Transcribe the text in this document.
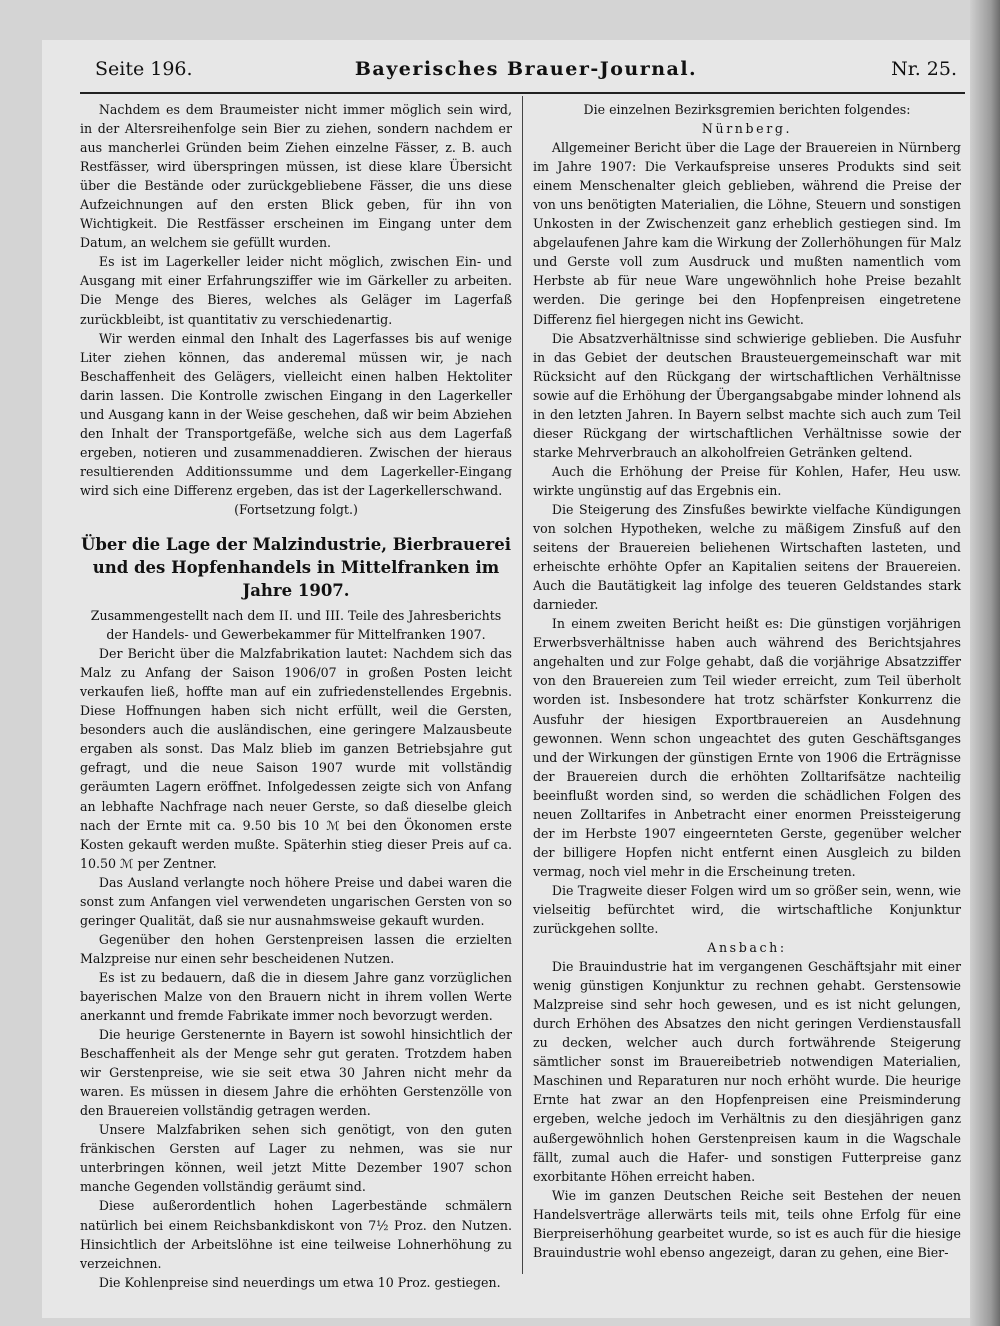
Seite 196.	Bayerisches Brauer-Journal.	Nr. 25.

Nachdem es dem Braumeister nicht immer möglich sein wird, in der Altersreihenfolge sein Bier zu ziehen, sondern nachdem er aus mancherlei Gründen beim Ziehen einzelne Fässer, z. B. auch Restfässer, wird überspringen müssen, ist diese klare Übersicht über die Bestände oder zurückgebliebene Fässer, die uns diese Aufzeichnungen auf den ersten Blick geben, für ihn von Wichtigkeit. Die Restfässer erscheinen im Eingang unter dem Datum, an welchem sie gefüllt wurden.

Es ist im Lagerkeller leider nicht möglich, zwischen Ein- und Ausgang mit einer Erfahrungsziffer wie im Gärkeller zu arbeiten. Die Menge des Bieres, welches als Geläger im Lagerfaß zurückbleibt, ist quantitativ zu verschiedenartig.

Wir werden einmal den Inhalt des Lagerfasses bis auf wenige Liter ziehen können, das anderemal müssen wir, je nach Beschaffenheit des Gelägers, vielleicht einen halben Hektoliter darin lassen. Die Kontrolle zwischen Eingang in den Lagerkeller und Ausgang kann in der Weise geschehen, daß wir beim Abziehen den Inhalt der Transportgefäße, welche sich aus dem Lagerfaß ergeben, notieren und zusammenaddieren. Zwischen der hieraus resultierenden Additionssumme und dem Lagerkeller-Eingang wird sich eine Differenz ergeben, das ist der Lagerkellerschwand.

(Fortsetzung folgt.)

Über die Lage der Malzindustrie, Bierbrauerei und des Hopfenhandels in Mittelfranken im Jahre 1907.

Zusammengestellt nach dem II. und III. Teile des Jahresberichts der Handels- und Gewerbekammer für Mittelfranken 1907.

Der Bericht über die Malzfabrikation lautet: Nachdem sich das Malz zu Anfang der Saison 1906/07 in großen Posten leicht verkaufen ließ, hoffte man auf ein zufriedenstellendes Ergebnis. Diese Hoffnungen haben sich nicht erfüllt, weil die Gersten, besonders auch die ausländischen, eine geringere Malzausbeute ergaben als sonst. Das Malz blieb im ganzen Betriebsjahre gut gefragt, und die neue Saison 1907 wurde mit vollständig geräumten Lagern eröffnet. Infolgedessen zeigte sich von Anfang an lebhafte Nachfrage nach neuer Gerste, so daß dieselbe gleich nach der Ernte mit ca. 9.50 bis 10 ℳ bei den Ökonomen erste Kosten gekauft werden mußte. Späterhin stieg dieser Preis auf ca. 10.50 ℳ per Zentner.

Das Ausland verlangte noch höhere Preise und dabei waren die sonst zum Anfangen viel verwendeten ungarischen Gersten von so geringer Qualität, daß sie nur ausnahmsweise gekauft wurden.

Gegenüber den hohen Gerstenpreisen lassen die erzielten Malzpreise nur einen sehr bescheidenen Nutzen.

Es ist zu bedauern, daß die in diesem Jahre ganz vorzüglichen bayerischen Malze von den Brauern nicht in ihrem vollen Werte anerkannt und fremde Fabrikate immer noch bevorzugt werden.

Die heurige Gerstenernte in Bayern ist sowohl hinsichtlich der Beschaffenheit als der Menge sehr gut geraten. Trotzdem haben wir Gerstenpreise, wie sie seit etwa 30 Jahren nicht mehr da waren. Es müssen in diesem Jahre die erhöhten Gerstenzölle von den Brauereien vollständig getragen werden.

Unsere Malzfabriken sehen sich genötigt, von den guten fränkischen Gersten auf Lager zu nehmen, was sie nur unterbringen können, weil jetzt Mitte Dezember 1907 schon manche Gegenden vollständig geräumt sind.

Diese außerordentlich hohen Lagerbestände schmälern natürlich bei einem Reichsbankdiskont von 7½ Proz. den Nutzen. Hinsichtlich der Arbeitslöhne ist eine teilweise Lohnerhöhung zu verzeichnen.

Die Kohlenpreise sind neuerdings um etwa 10 Proz. gestiegen.

Die einzelnen Bezirksgremien berichten folgendes:

Nürnberg.

Allgemeiner Bericht über die Lage der Brauereien in Nürnberg im Jahre 1907: Die Verkaufspreise unseres Produkts sind seit einem Menschenalter gleich geblieben, während die Preise der von uns benötigten Materialien, die Löhne, Steuern und sonstigen Unkosten in der Zwischenzeit ganz erheblich gestiegen sind. Im abgelaufenen Jahre kam die Wirkung der Zollerhöhungen für Malz und Gerste voll zum Ausdruck und mußten namentlich vom Herbste ab für neue Ware ungewöhnlich hohe Preise bezahlt werden. Die geringe bei den Hopfenpreisen eingetretene Differenz fiel hiergegen nicht ins Gewicht.

Die Absatzverhältnisse sind schwierige geblieben. Die Ausfuhr in das Gebiet der deutschen Brausteuergemeinschaft war mit Rücksicht auf den Rückgang der wirtschaftlichen Verhältnisse sowie auf die Erhöhung der Übergangsabgabe minder lohnend als in den letzten Jahren. In Bayern selbst machte sich auch zum Teil dieser Rückgang der wirtschaftlichen Verhältnisse sowie der starke Mehrverbrauch an alkoholfreien Getränken geltend.

Auch die Erhöhung der Preise für Kohlen, Hafer, Heu usw. wirkte ungünstig auf das Ergebnis ein.

Die Steigerung des Zinsfußes bewirkte vielfache Kündigungen von solchen Hypotheken, welche zu mäßigem Zinsfuß auf den seitens der Brauereien beliehenen Wirtschaften lasteten, und erheischte erhöhte Opfer an Kapitalien seitens der Brauereien. Auch die Bautätigkeit lag infolge des teueren Geldstandes stark darnieder.

In einem zweiten Bericht heißt es: Die günstigen vorjährigen Erwerbsverhältnisse haben auch während des Berichtsjahres angehalten und zur Folge gehabt, daß die vorjährige Absatzziffer von den Brauereien zum Teil wieder erreicht, zum Teil überholt worden ist. Insbesondere hat trotz schärfster Konkurrenz die Ausfuhr der hiesigen Exportbrauereien an Ausdehnung gewonnen. Wenn schon ungeachtet des guten Geschäftsganges und der Wirkungen der günstigen Ernte von 1906 die Erträgnisse der Brauereien durch die erhöhten Zolltarifsätze nachteilig beeinflußt worden sind, so werden die schädlichen Folgen des neuen Zolltarifes in Anbetracht einer enormen Preissteigerung der im Herbste 1907 eingeernteten Gerste, gegenüber welcher der billigere Hopfen nicht entfernt einen Ausgleich zu bilden vermag, noch viel mehr in die Erscheinung treten.

Die Tragweite dieser Folgen wird um so größer sein, wenn, wie vielseitig befürchtet wird, die wirtschaftliche Konjunktur zurückgehen sollte.

Ansbach:

Die Brauindustrie hat im vergangenen Geschäftsjahr mit einer wenig günstigen Konjunktur zu rechnen gehabt. Gerstensowie Malzpreise sind sehr hoch gewesen, und es ist nicht gelungen, durch Erhöhen des Absatzes den nicht geringen Verdienstausfall zu decken, welcher auch durch fortwährende Steigerung sämtlicher sonst im Brauereibetrieb notwendigen Materialien, Maschinen und Reparaturen nur noch erhöht wurde. Die heurige Ernte hat zwar an den Hopfenpreisen eine Preisminderung ergeben, welche jedoch im Verhältnis zu den diesjährigen ganz außergewöhnlich hohen Gerstenpreisen kaum in die Wagschale fällt, zumal auch die Hafer- und sonstigen Futterpreise ganz exorbitante Höhen erreicht haben.

Wie im ganzen Deutschen Reiche seit Bestehen der neuen Handelsverträge allerwärts teils mit, teils ohne Erfolg für eine Bierpreiserhöhung gearbeitet wurde, so ist es auch für die hiesige Brauindustrie wohl ebenso angezeigt, daran zu gehen, eine Bier-
